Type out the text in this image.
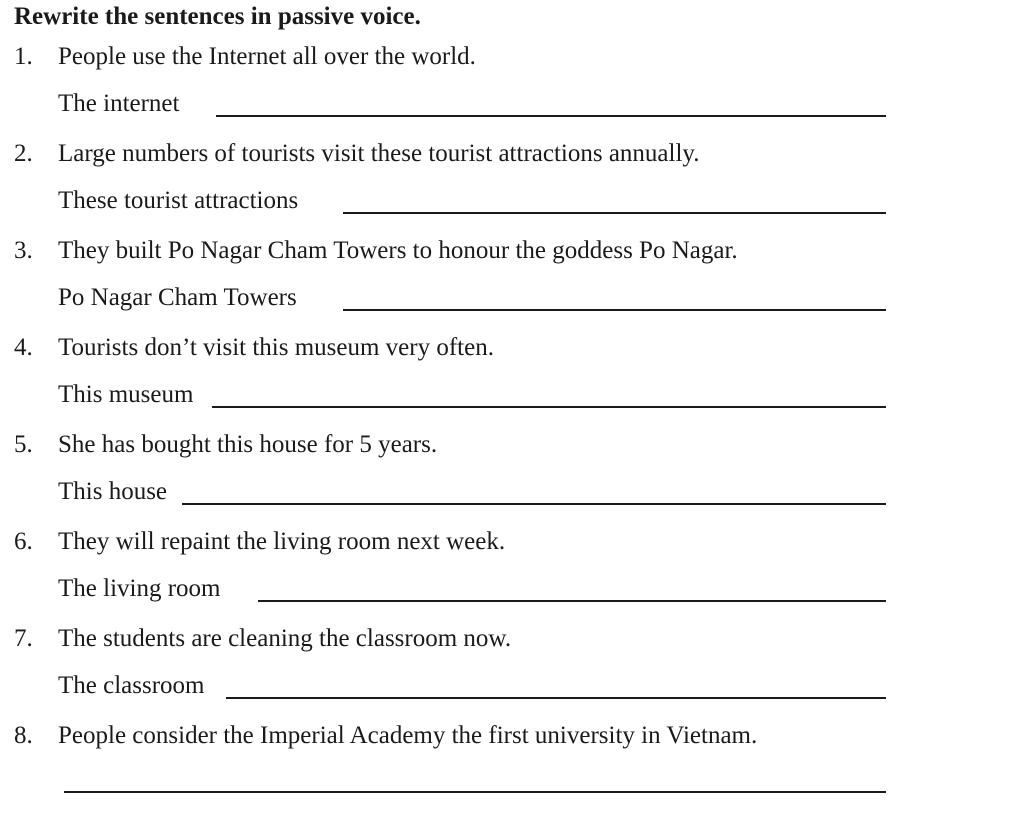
Rewrite the sentences in passive voice.
1. People use the Internet all over the world.
The internet
2. Large numbers of tourists visit these tourist attractions annually.
These tourist attractions
3. They built Po Nagar Cham Towers to honour the goddess Po Nagar.
Po Nagar Cham Towers
4. Tourists don’t visit this museum very often.
This museum
5. She has bought this house for 5 years.
This house
6. They will repaint the living room next week.
The living room
7. The students are cleaning the classroom now.
The classroom
8. People consider the Imperial Academy the first university in Vietnam.
